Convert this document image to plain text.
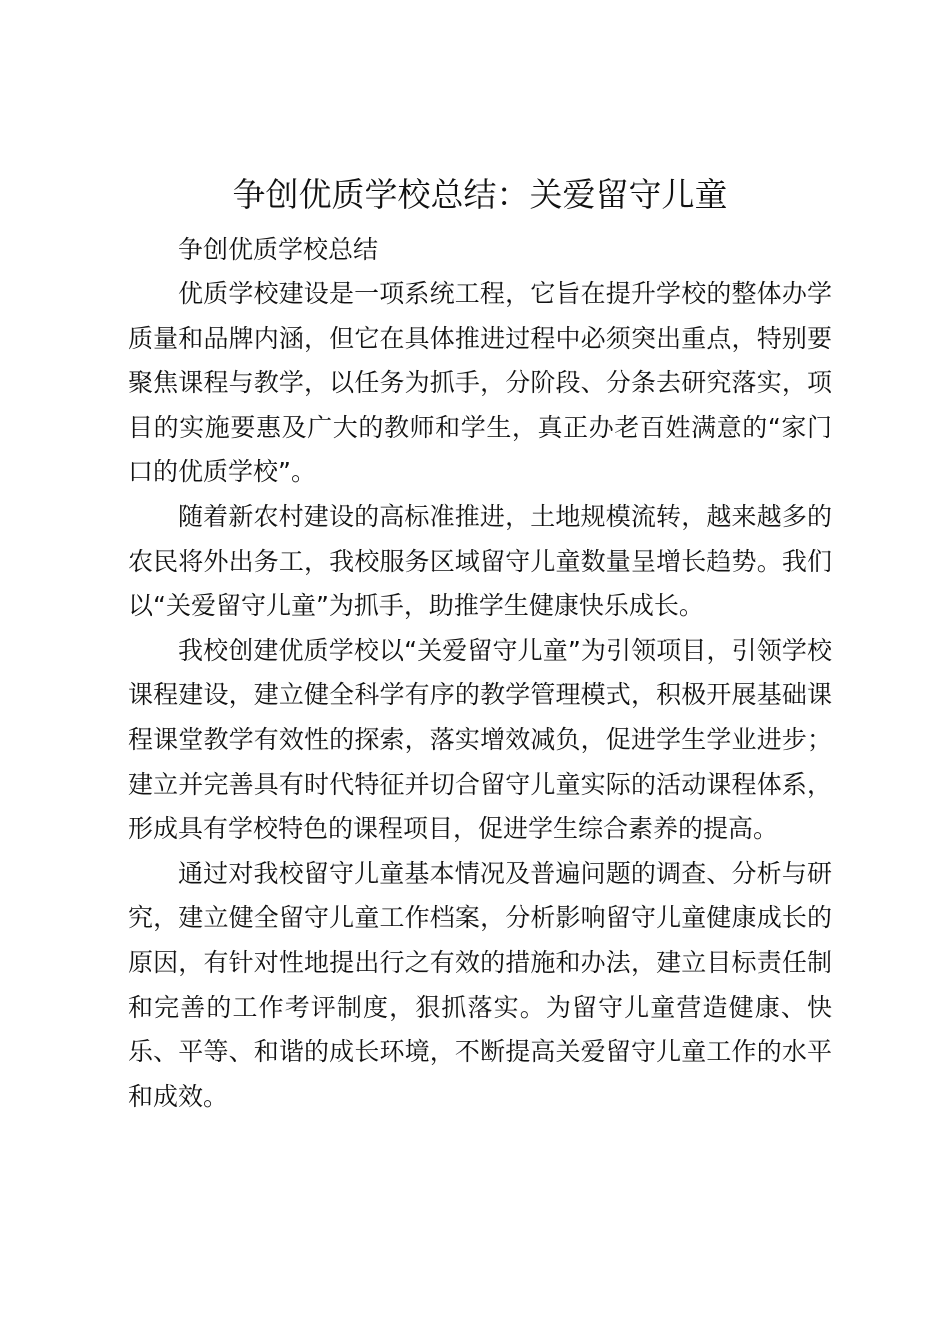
争创优质学校总结：关爱留守儿童

争创优质学校总结

优质学校建设是一项系统工程，它旨在提升学校的整体办学质量和品牌内涵，但它在具体推进过程中必须突出重点，特别要聚焦课程与教学，以任务为抓手，分阶段、分条去研究落实，项目的实施要惠及广大的教师和学生，真正办老百姓满意的“家门口的优质学校”。

随着新农村建设的高标准推进，土地规模流转，越来越多的农民将外出务工，我校服务区域留守儿童数量呈增长趋势。我们以“关爱留守儿童”为抓手，助推学生健康快乐成长。

我校创建优质学校以“关爱留守儿童”为引领项目，引领学校课程建设，建立健全科学有序的教学管理模式，积极开展基础课程课堂教学有效性的探索，落实增效减负，促进学生学业进步；建立并完善具有时代特征并切合留守儿童实际的活动课程体系，形成具有学校特色的课程项目，促进学生综合素养的提高。

通过对我校留守儿童基本情况及普遍问题的调查、分析与研究，建立健全留守儿童工作档案，分析影响留守儿童健康成长的原因，有针对性地提出行之有效的措施和办法，建立目标责任制和完善的工作考评制度，狠抓落实。为留守儿童营造健康、快乐、平等、和谐的成长环境，不断提高关爱留守儿童工作的水平和成效。
